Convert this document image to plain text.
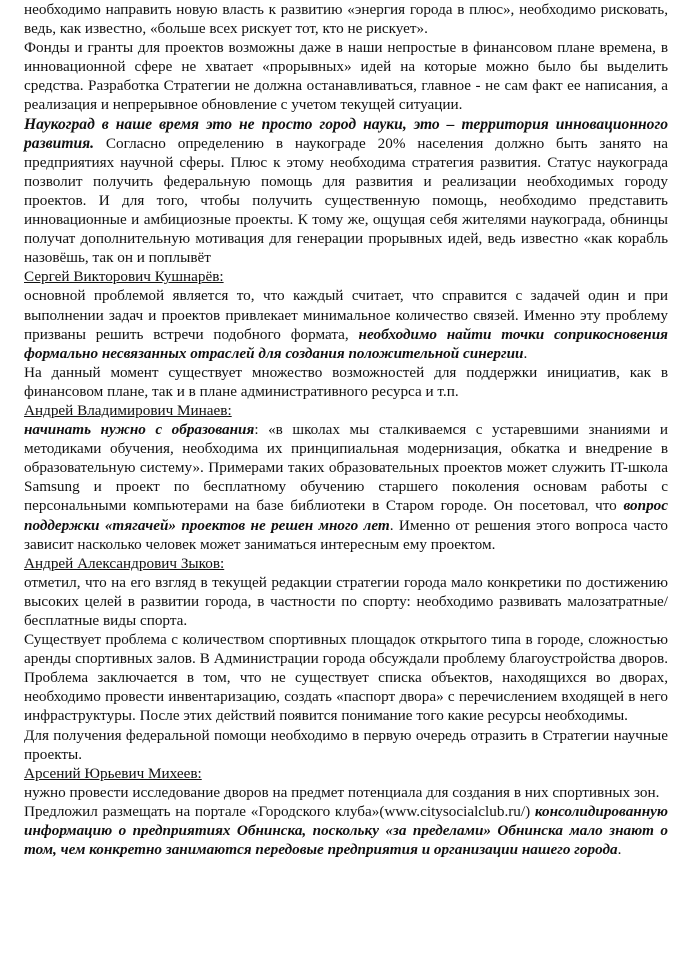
необходимо направить новую власть к развитию «энергия города в плюс», необходимо рисковать, ведь, как известно, «больше всех рискует тот, кто не рискует».

Фонды и гранты для проектов возможны даже в наши непростые в финансовом плане времена, в инновационной сфере не хватает «прорывных» идей на которые можно было бы выделить средства. Разработка Стратегии не должна останавливаться, главное - не сам факт ее написания, а реализация и непрерывное обновление с учетом текущей ситуации.

Наукоград в наше время это не просто город науки, это – территория инновационного развития. Согласно определению в наукограде 20% населения должно быть занято на предприятиях научной сферы. Плюс к этому необходима стратегия развития. Статус наукограда позволит получить федеральную помощь для развития и реализации необходимых городу проектов. И для того, чтобы получить существенную помощь, необходимо представить инновационные и амбициозные проекты. К тому же, ощущая себя жителями наукограда, обнинцы получат дополнительную мотивация для генерации прорывных идей, ведь известно «как корабль назовёшь, так он и поплывёт

Сергей Викторович Кушнарёв:

основной проблемой является то, что каждый считает, что справится с задачей один и при выполнении задач и проектов привлекает минимальное количество связей. Именно эту проблему призваны решить встречи подобного формата, необходимо найти точки соприкосновения формально несвязанных отраслей для создания положительной синергии.

На данный момент существует множество возможностей для поддержки инициатив, как в финансовом плане, так и в плане административного ресурса и т.п.

Андрей Владимирович Минаев:

начинать нужно с образования: «в школах мы сталкиваемся с устаревшими знаниями и методиками обучения, необходима их принципиальная модернизация, обкатка и внедрение в образовательную систему». Примерами таких образовательных проектов может служить IT-школа Samsung и проект по бесплатному обучению старшего поколения основам работы с персональными компьютерами на базе библиотеки в Старом городе. Он посетовал, что вопрос поддержки «тягачей» проектов не решен много лет. Именно от решения этого вопроса часто зависит насколько человек может заниматься интересным ему проектом.

Андрей Александрович Зыков:

отметил, что на его взгляд в текущей редакции стратегии города мало конкретики по достижению высоких целей в развитии города, в частности по спорту: необходимо развивать малозатратные/бесплатные виды спорта.

Существует проблема с количеством спортивных площадок открытого типа в городе, сложностью аренды спортивных залов. В Администрации города обсуждали проблему благоустройства дворов. Проблема заключается в том, что не существует списка объектов, находящихся во дворах, необходимо провести инвентаризацию, создать «паспорт двора» с перечислением входящей в него инфраструктуры. После этих действий появится понимание того какие ресурсы необходимы.

Для получения федеральной помощи необходимо в первую очередь отразить в Стратегии научные проекты.

Арсений Юрьевич Михеев:

нужно провести исследование дворов на предмет потенциала для создания в них спортивных зон.

Предложил размещать на портале «Городского клуба»(www.citysocialclub.ru/) консолидированную информацию о предприятиях Обнинска, поскольку «за пределами» Обнинска мало знают о том, чем конкретно занимаются передовые предприятия и организации нашего города.
